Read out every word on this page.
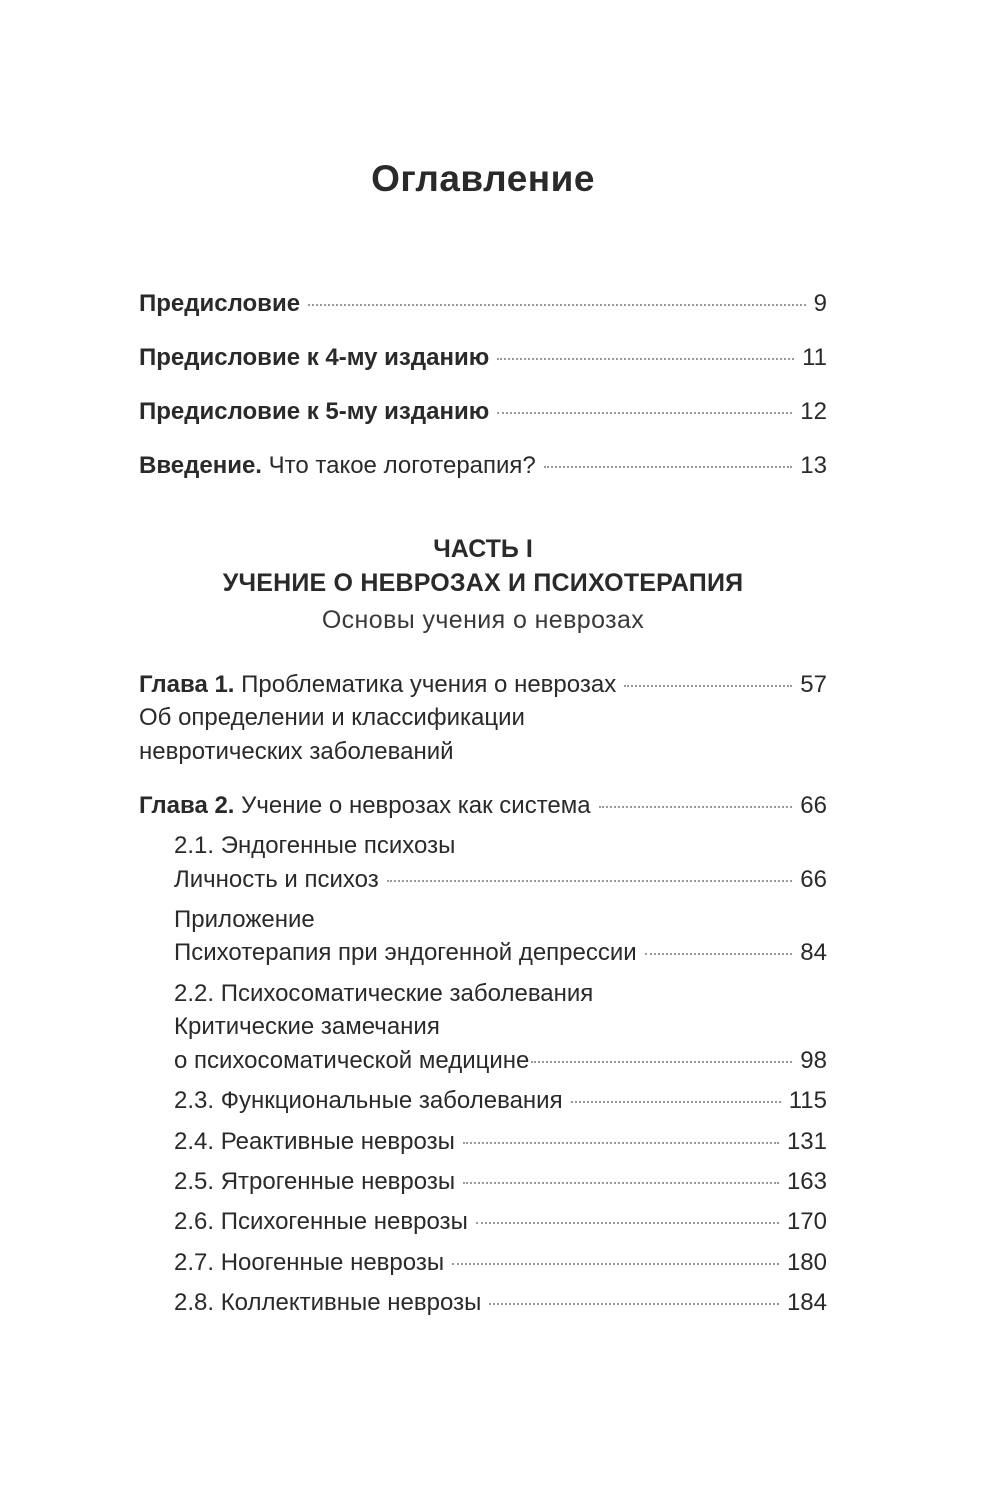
Оглавление
Предисловие	9
Предисловие к 4-му изданию	11
Предисловие к 5-му изданию	12
Введение. Что такое логотерапия?	13
ЧАСТЬ I
УЧЕНИЕ О НЕВРОЗАХ И ПСИХОТЕРАПИЯ
Основы учения о неврозах
Глава 1. Проблематика учения о неврозах	57
Об определении и классификации
невротических заболеваний
Глава 2. Учение о неврозах как система	66
2.1. Эндогенные психозы
Личность и психоз	66
Приложение
Психотерапия при эндогенной депрессии	84
2.2. Психосоматические заболевания
Критические замечания
о психосоматической медицине	98
2.3. Функциональные заболевания	115
2.4. Реактивные неврозы	131
2.5. Ятрогенные неврозы	163
2.6. Психогенные неврозы	170
2.7. Ноогенные неврозы	180
2.8. Коллективные неврозы	184
